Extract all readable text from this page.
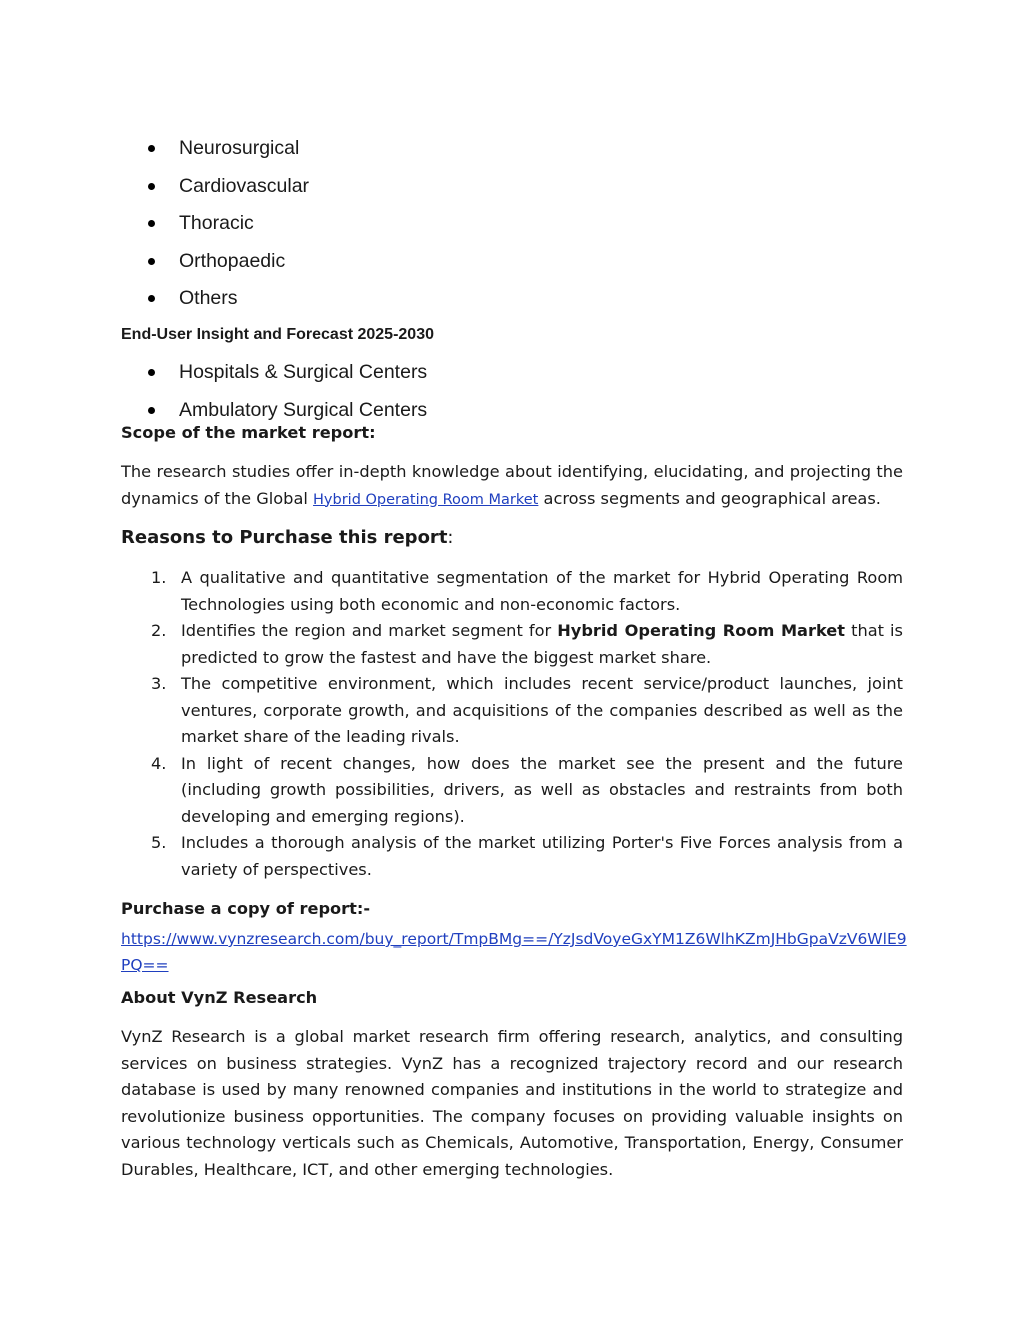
Neurosurgical
Cardiovascular
Thoracic
Orthopaedic
Others
End-User Insight and Forecast 2025-2030
Hospitals & Surgical Centers
Ambulatory Surgical Centers
Scope of the market report:

The research studies offer in-depth knowledge about identifying, elucidating, and projecting the dynamics of the Global Hybrid Operating Room Market across segments and geographical areas.

Reasons to Purchase this report:
1. A qualitative and quantitative segmentation of the market for Hybrid Operating Room Technologies using both economic and non-economic factors.
2. Identifies the region and market segment for Hybrid Operating Room Market that is predicted to grow the fastest and have the biggest market share.
3. The competitive environment, which includes recent service/product launches, joint ventures, corporate growth, and acquisitions of the companies described as well as the market share of the leading rivals.
4. In light of recent changes, how does the market see the present and the future (including growth possibilities, drivers, as well as obstacles and restraints from both developing and emerging regions).
5. Includes a thorough analysis of the market utilizing Porter's Five Forces analysis from a variety of perspectives.
Purchase a copy of report:-
https://www.vynzresearch.com/buy_report/TmpBMg==/YzJsdVoyeGxYM1Z6WlhKZmJHbGpaVzV6WlE9
PQ==
About VynZ Research

VynZ Research is a global market research firm offering research, analytics, and consulting services on business strategies. VynZ has a recognized trajectory record and our research database is used by many renowned companies and institutions in the world to strategize and revolutionize business opportunities. The company focuses on providing valuable insights on various technology verticals such as Chemicals, Automotive, Transportation, Energy, Consumer Durables, Healthcare, ICT, and other emerging technologies.
